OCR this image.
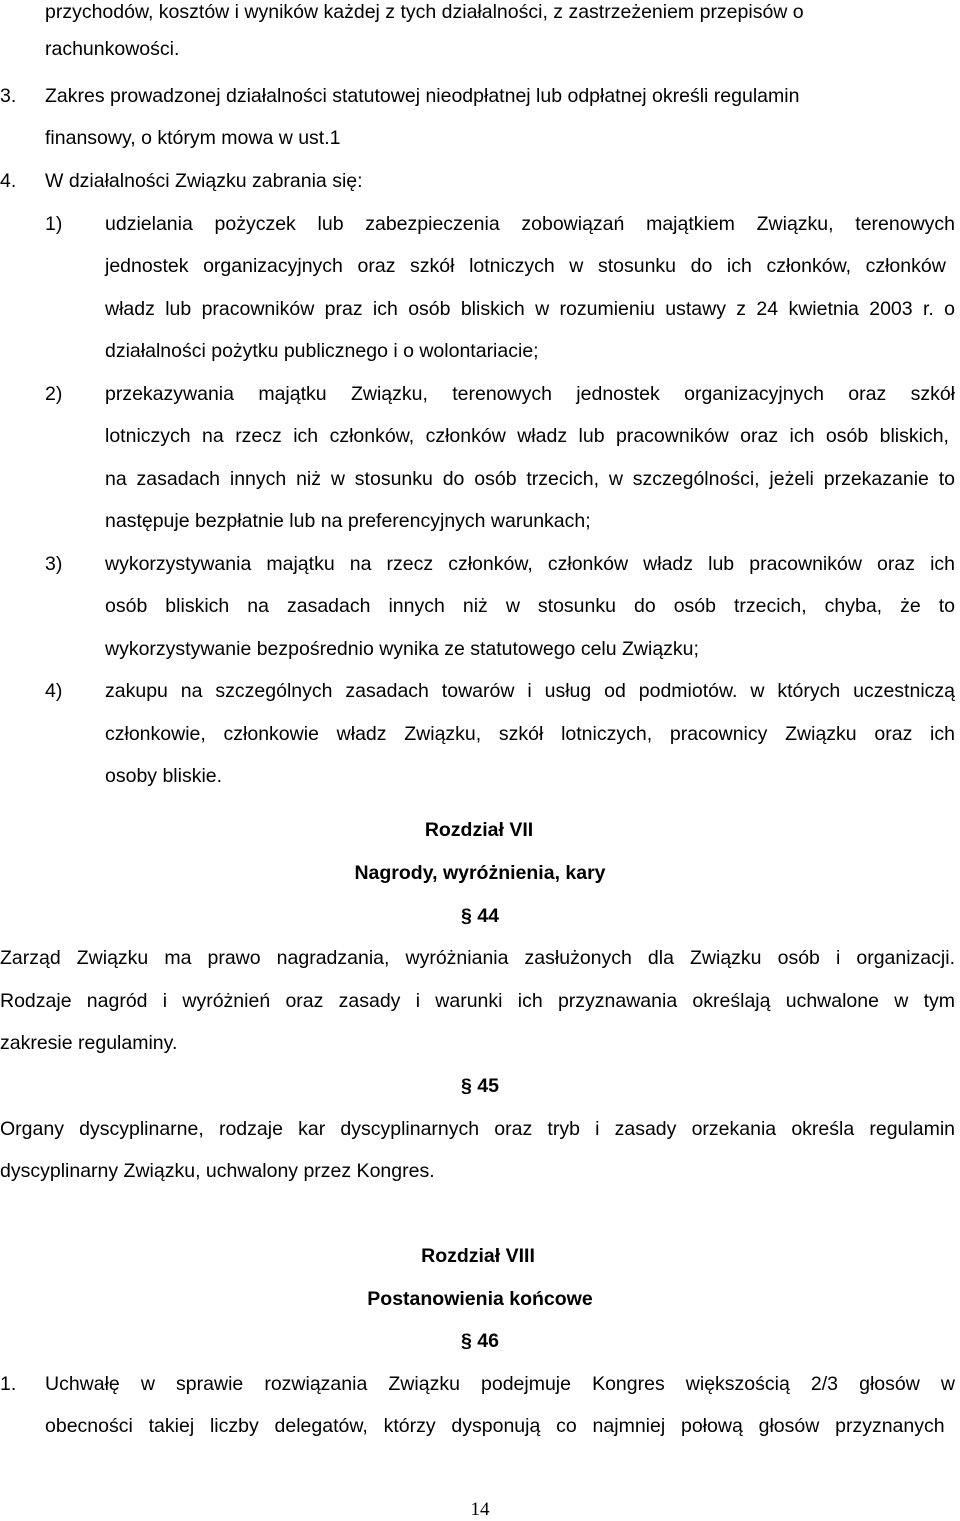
przychodów, kosztów i wyników każdej z tych działalności, z zastrzeżeniem przepisów o
rachunkowości.
3. Zakres prowadzonej działalności statutowej nieodpłatnej lub odpłatnej określi regulamin
finansowy, o którym mowa w ust.1
4. W działalności Związku zabrania się:
1) udzielania pożyczek lub zabezpieczenia zobowiązań majątkiem Związku, terenowych
jednostek organizacyjnych oraz szkół lotniczych w stosunku do ich członków, członków
władz lub pracowników praz ich osób bliskich w rozumieniu ustawy z 24 kwietnia 2003 r. o
działalności pożytku publicznego i o wolontariacie;
2) przekazywania majątku Związku, terenowych jednostek organizacyjnych oraz szkół
lotniczych na rzecz ich członków, członków władz lub pracowników oraz ich osób bliskich,
na zasadach innych niż w stosunku do osób trzecich, w szczególności, jeżeli przekazanie to
następuje bezpłatnie lub na preferencyjnych warunkach;
3) wykorzystywania majątku na rzecz członków, członków władz lub pracowników oraz ich
osób bliskich na zasadach innych niż w stosunku do osób trzecich, chyba, że to
wykorzystywanie bezpośrednio wynika ze statutowego celu Związku;
4) zakupu na szczególnych zasadach towarów i usług od podmiotów. w których uczestniczą
członkowie, członkowie władz Związku, szkół lotniczych, pracownicy Związku oraz ich
osoby bliskie.
Rozdział VII
Nagrody, wyróżnienia, kary
§ 44
Zarząd Związku ma prawo nagradzania, wyróżniania zasłużonych dla Związku osób i organizacji.
Rodzaje nagród i wyróżnień oraz zasady i warunki ich przyznawania określają uchwalone w tym
zakresie regulaminy.
§ 45
Organy dyscyplinarne, rodzaje kar dyscyplinarnych oraz tryb i zasady orzekania określa regulamin
dyscyplinarny Związku, uchwalony przez Kongres.
Rozdział VIII
Postanowienia końcowe
§ 46
1. Uchwałę w sprawie rozwiązania Związku podejmuje Kongres większością 2/3 głosów w
obecności takiej liczby delegatów, którzy dysponują co najmniej połową głosów przyznanych
14
